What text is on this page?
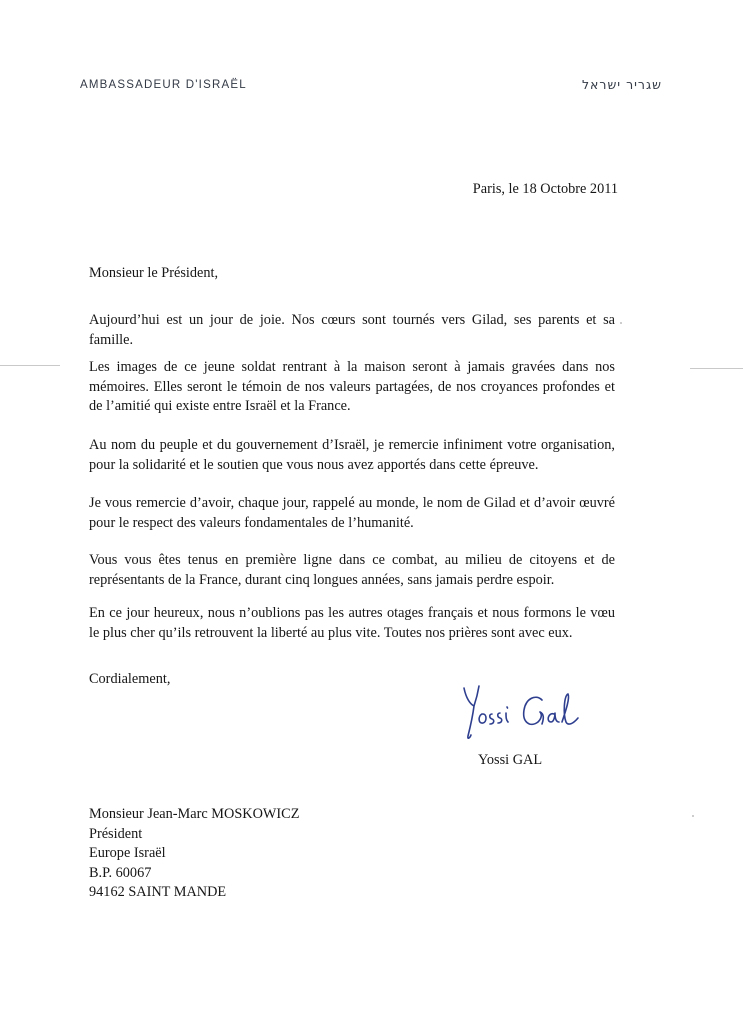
AMBASSADEUR D'ISRAËL	שגריר ישראל
Paris, le 18 Octobre 2011
Monsieur le Président,

Aujourd’hui est un jour de joie. Nos cœurs sont tournés vers Gilad, ses parents et sa famille.

Les images de ce jeune soldat rentrant à la maison seront à jamais gravées dans nos mémoires. Elles seront le témoin de nos valeurs partagées, de nos croyances profondes et de l’amitié qui existe entre Israël et la France.

Au nom du peuple et du gouvernement d’Israël, je remercie infiniment votre organisation, pour la solidarité et le soutien que vous nous avez apportés dans cette épreuve.

Je vous remercie d’avoir, chaque jour, rappelé au monde, le nom de Gilad et d’avoir œuvré pour le respect des valeurs fondamentales de l’humanité.

Vous vous êtes tenus en première ligne dans ce combat, au milieu de citoyens et de représentants de la France, durant cinq longues années, sans jamais perdre espoir.

En ce jour heureux, nous n’oublions pas les autres otages français et nous formons le vœu le plus cher qu’ils retrouvent la liberté au plus vite. Toutes nos prières sont avec eux.

Cordialement,
Yossi GAL
Monsieur Jean-Marc MOSKOWICZ
Président
Europe Israël
B.P. 60067
94162 SAINT MANDE
